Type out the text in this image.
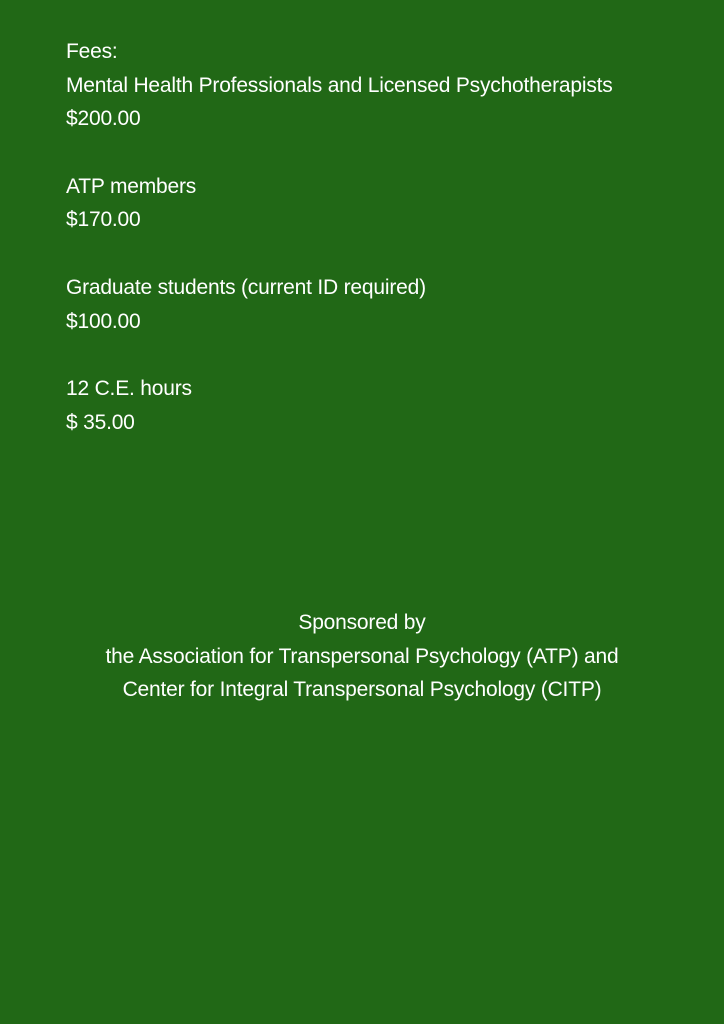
Fees:
Mental Health Professionals and Licensed Psychotherapists
$200.00
ATP members
$170.00
Graduate students (current ID required)
$100.00
12 C.E. hours
$ 35.00
Sponsored by
the Association for Transpersonal Psychology (ATP) and
Center for Integral Transpersonal Psychology (CITP)
